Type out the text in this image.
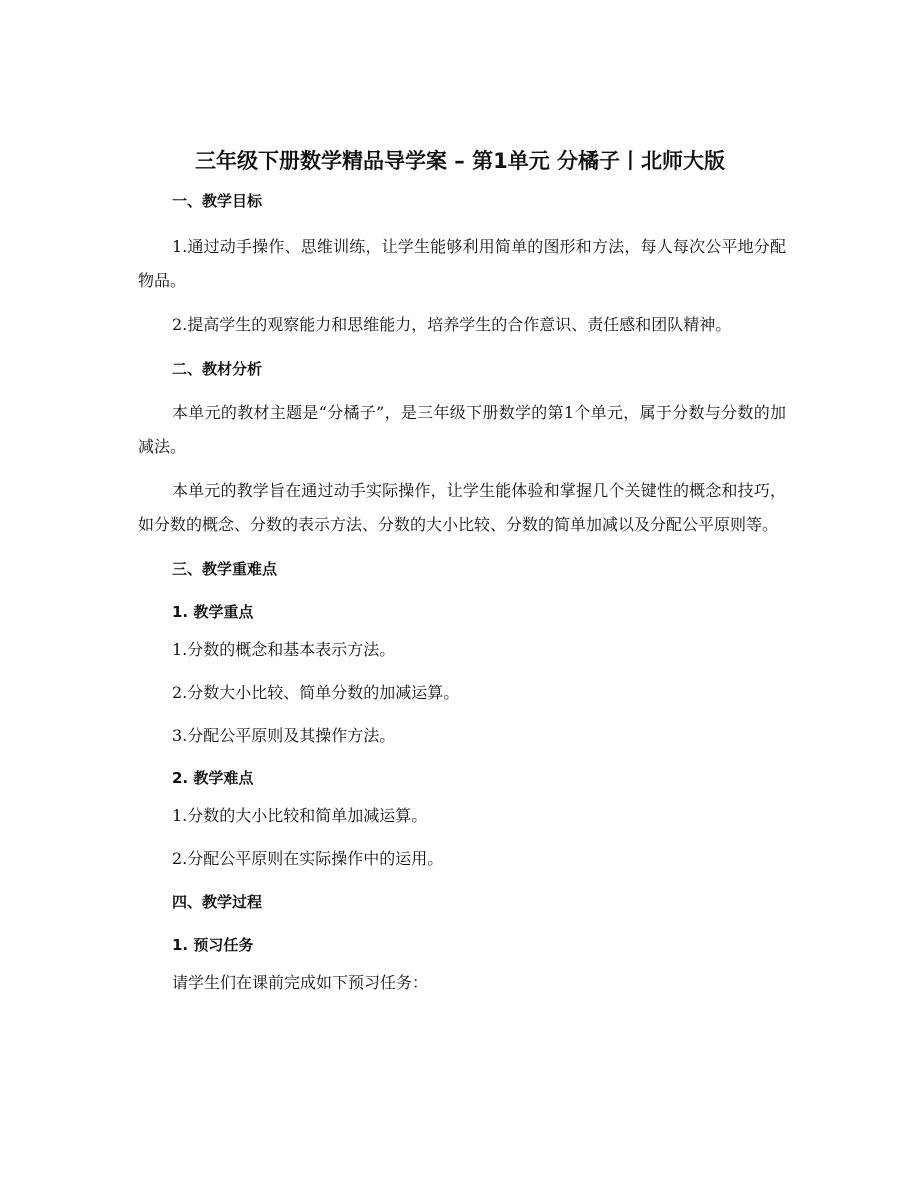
三年级下册数学精品导学案 – 第1单元 分橘子丨北师大版
一、教学目标
1.通过动手操作、思维训练，让学生能够利用简单的图形和方法，每人每次公平地分配物品。
2.提高学生的观察能力和思维能力，培养学生的合作意识、责任感和团队精神。
二、教材分析
本单元的教材主题是“分橘子”，是三年级下册数学的第1个单元，属于分数与分数的加减法。
本单元的教学旨在通过动手实际操作，让学生能体验和掌握几个关键性的概念和技巧，如分数的概念、分数的表示方法、分数的大小比较、分数的简单加减以及分配公平原则等。
三、教学重难点
1. 教学重点
1.分数的概念和基本表示方法。
2.分数大小比较、简单分数的加减运算。
3.分配公平原则及其操作方法。
2. 教学难点
1.分数的大小比较和简单加减运算。
2.分配公平原则在实际操作中的运用。
四、教学过程
1. 预习任务
请学生们在课前完成如下预习任务：
